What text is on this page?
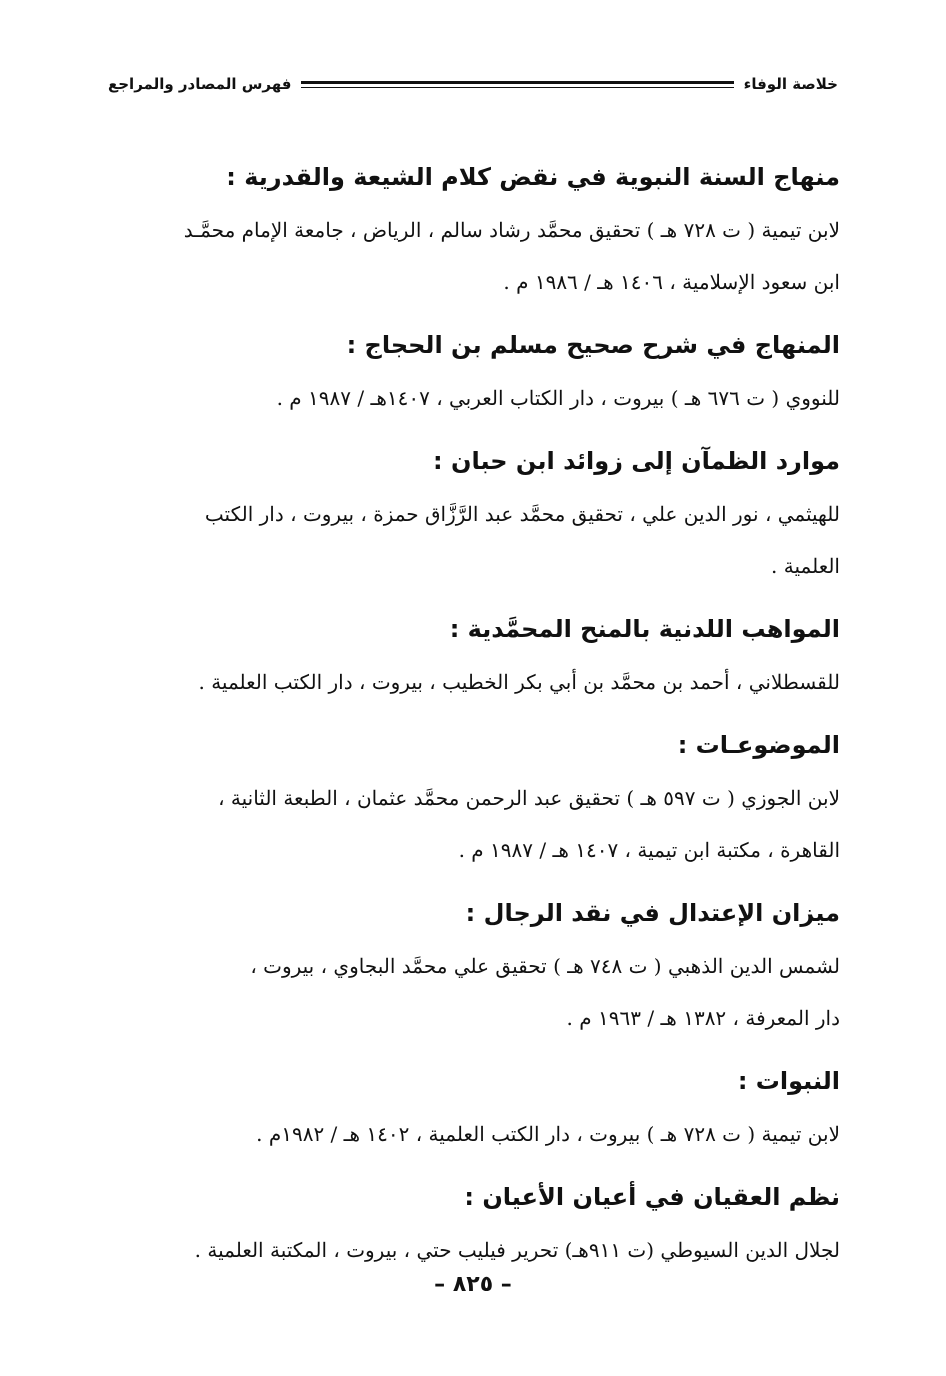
خلاصة الوفاء
فهرس المصادر والمراجع
منهاج السنة النبوية في نقض كلام الشيعة والقدرية :
لابن تيمية ( ت ٧٢٨ هـ ) تحقيق محمَّد رشاد سالم ، الرياض ، جامعة الإمام محمَّـد
ابن سعود الإسلامية ، ١٤٠٦ هـ / ١٩٨٦ م .
المنهاج في شرح صحيح مسلم بن الحجاج :
للنووي ( ت ٦٧٦ هـ ) بيروت ، دار الكتاب العربي ، ١٤٠٧هـ / ١٩٨٧ م .
موارد الظمآن إلى زوائد ابن حبان :
للهيثمي ، نور الدين علي ، تحقيق محمَّد عبد الرَّزَّاق حمزة ، بيروت ، دار الكتب
العلمية .
المواهب اللدنية بالمنح المحمَّدية :
للقسطلاني ، أحمد بن محمَّد بن أبي بكر الخطيب ، بيروت ، دار الكتب العلمية .
الموضوعـات :
لابن الجوزي ( ت ٥٩٧ هـ ) تحقيق عبد الرحمن محمَّد عثمان ، الطبعة الثانية ،
القاهرة ، مكتبة ابن تيمية ، ١٤٠٧ هـ / ١٩٨٧ م .
ميزان الإعتدال في نقد الرجال :
لشمس الدين الذهبي ( ت ٧٤٨ هـ ) تحقيق علي محمَّد البجاوي ، بيروت ،
دار المعرفة ، ١٣٨٢ هـ / ١٩٦٣ م .
النبوات :
لابن تيمية ( ت ٧٢٨ هـ ) بيروت ، دار الكتب العلمية ، ١٤٠٢ هـ / ١٩٨٢م .
نظم العقيان في أعيان الأعيان :
لجلال الدين السيوطي (ت ٩١١هـ) تحرير فيليب حتي ، بيروت ، المكتبة العلمية .
– ٨٢٥ –
